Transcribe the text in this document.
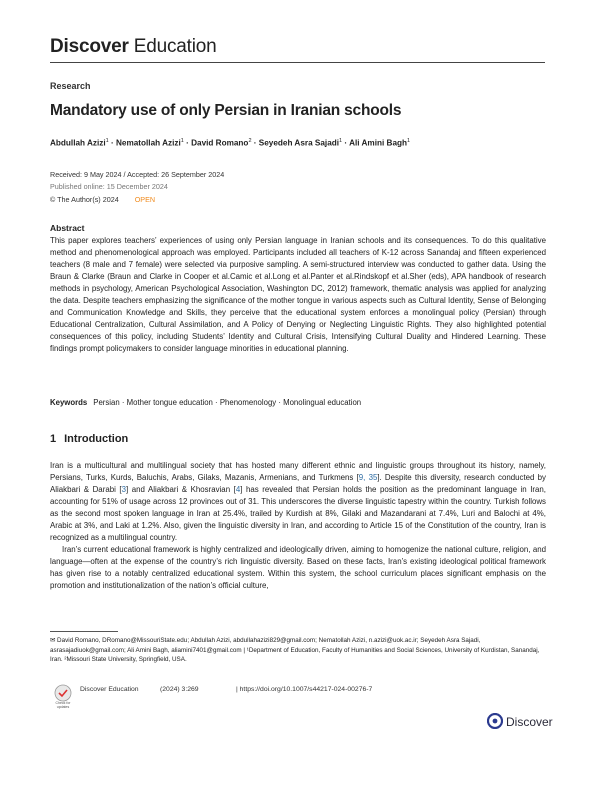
Discover Education
Research
Mandatory use of only Persian in Iranian schools
Abdullah Azizi$^1$ · Nematollah Azizi$^1$ · David Romano$^2$ · Seyedeh Asra Sajadi$^1$ · Ali Amini Bagh$^1$
Received: 9 May 2024 / Accepted: 26 September 2024
Published online: 15 December 2024
© The Author(s) 2024 OPEN
Abstract
This paper explores teachers’ experiences of using only Persian language in Iranian schools and its consequences. To do this qualitative method and phenomenological approach was employed. Participants included all teachers of K-12 across Sanandaj and fifteen experienced teachers (8 male and 7 female) were selected via purposive sampling. A semi-structured interview was conducted to gather data. Using the Braun & Clarke (Braun and Clarke in Cooper et al.Camic et al.Long et al.Panter et al.Rindskopf et al.Sher (eds), APA handbook of research methods in psychology, American Psychological Association, Washington DC, 2012) framework, thematic analysis was applied for analyzing the data. Despite teachers emphasizing the significance of the mother tongue in various aspects such as Cultural Identity, Sense of Belonging and Communication Knowledge and Skills, they perceive that the educational system enforces a monolingual policy (Persian) through Educational Centralization, Cultural Assimilation, and A Policy of Denying or Neglecting Linguistic Rights. They also highlighted potential consequences of this policy, including Students’ Identity and Cultural Crisis, Intensifying Cultural Duality and Hindered Learning. These findings prompt policymakers to consider language minorities in educational planning.
Keywords Persian · Mother tongue education · Phenomenology · Monolingual education
1 Introduction

Iran is a multicultural and multilingual society that has hosted many different ethnic and linguistic groups throughout its history, namely, Persians, Turks, Kurds, Baluchis, Arabs, Gilaks, Mazanis, Armenians, and Turkmens [9, 35]. Despite this diversity, research conducted by Aliakbari & Darabi [3] and Aliakbari & Khosravian [4] has revealed that Persian holds the position as the predominant language in Iran, accounting for 51% of usage across 12 provinces out of 31. This underscores the diverse linguistic tapestry within the country. Turkish follows as the second most spoken language in Iran at 25.4%, trailed by Kurdish at 8%, Gilaki and Mazandarani at 7.4%, Luri and Balochi at 4%, Arabic at 3%, and Laki at 1.2%. Also, given the linguistic diversity in Iran, and according to Article 15 of the Constitution of the country, Iran is recognized as a multilingual country.

Iran’s current educational framework is highly centralized and ideologically driven, aiming to homogenize the national culture, religion, and language—often at the expense of the country’s rich linguistic diversity. Based on these facts, Iran’s existing ideological political framework has given rise to a notably centralized educational system. Within this system, the school curriculum places significant emphasis on the promotion and institutionalization of the nation’s official culture,

✉ David Romano, DRomano@MissouriState.edu; Abdullah Azizi, abdullahazizi829@gmail.com; Nematollah Azizi, n.azizi@uok.ac.ir; Seyedeh Asra Sajadi, asrasajadiuok@gmail.com; Ali Amini Bagh, aliamini7401@gmail.com | ¹Department of Education, Faculty of Humanities and Social Sciences, University of Kurdistan, Sanandaj, Iran. ²Missouri State University, Springfield, USA.
Check for updates
Discover Education	(2024) 3:269	| https://doi.org/10.1007/s44217-024-00276-7
Discover
